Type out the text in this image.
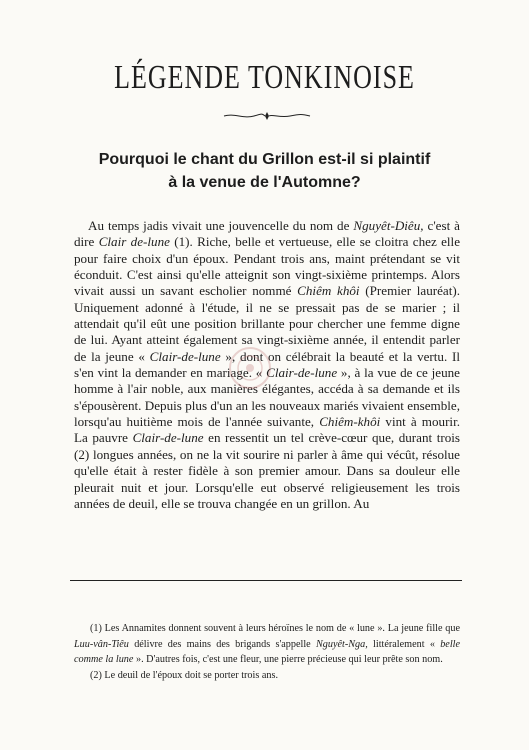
LÉGENDE TONKINOISE
Pourquoi le chant du Grillon est-il si plaintif
à la venue de l'Automne?

Au temps jadis vivait une jouvencelle du nom de Nguyêt-Diêu, c'est à dire Clair de-lune (1). Riche, belle et vertueuse, elle se cloitra chez elle pour faire choix d'un époux. Pendant trois ans, maint prétendant se vit éconduit. C'est ainsi qu'elle atteignit son vingt-sixième printemps. Alors vivait aussi un savant escholier nommé Chiêm khôi (Premier lauréat). Uniquement adonné à l'étude, il ne se pressait pas de se marier ; il attendait qu'il eût une position brillante pour chercher une femme digne de lui. Ayant atteint également sa vingt-sixième année, il entendit parler de la jeune « Clair-de-lune », dont on célébrait la beauté et la vertu. Il s'en vint la demander en mariage. « Clair-de-lune », à la vue de ce jeune homme à l'air noble, aux manières élégantes, accéda à sa demande et ils s'épousèrent. Depuis plus d'un an les nouveaux mariés vivaient ensemble, lorsqu'au huitième mois de l'année suivante, Chiêm-khôi vint à mourir. La pauvre Clair-de-lune en ressentit un tel crève-cœur que, durant trois (2) longues années, on ne la vit sourire ni parler à âme qui vécût, résolue qu'elle était à rester fidèle à son premier amour. Dans sa douleur elle pleurait nuit et jour. Lorsqu'elle eut observé religieusement les trois années de deuil, elle se trouva changée en un grillon. Au

(1) Les Annamites donnent souvent à leurs héroïnes le nom de « lune ». La jeune fille que Luu-vân-Tiêu délivre des mains des brigands s'appelle Nguyêt-Nga, littéralement « belle comme la lune ». D'autres fois, c'est une fleur, une pierre précieuse qui leur prête son nom.

(2) Le deuil de l'époux doit se porter trois ans.
